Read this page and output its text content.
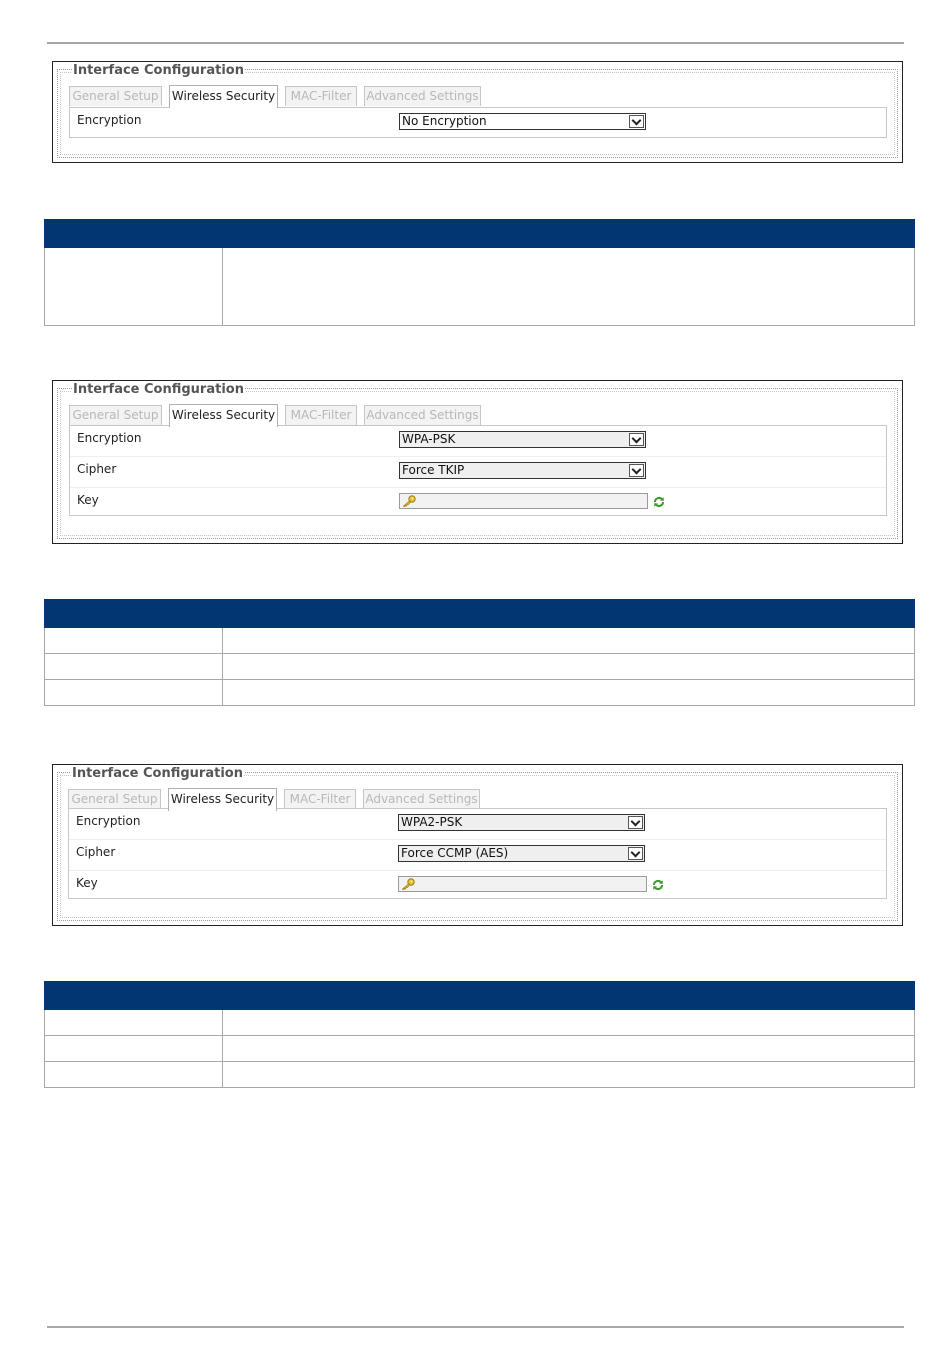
Interface Configuration
General Setup Wireless Security	MAC-Filter	Advanced Settings
Encryption	No Encryption

Interface Configuration
General Setup Wireless Security	MAC-Filter	Advanced Settings
Encryption	WPA-PSK
Cipher	Force TKIP
Key

Interface Configuration
General Setup Wireless Security	MAC-Filter	Advanced Settings
Encryption	WPA2-PSK
Cipher	Force CCMP (AES)
Key
